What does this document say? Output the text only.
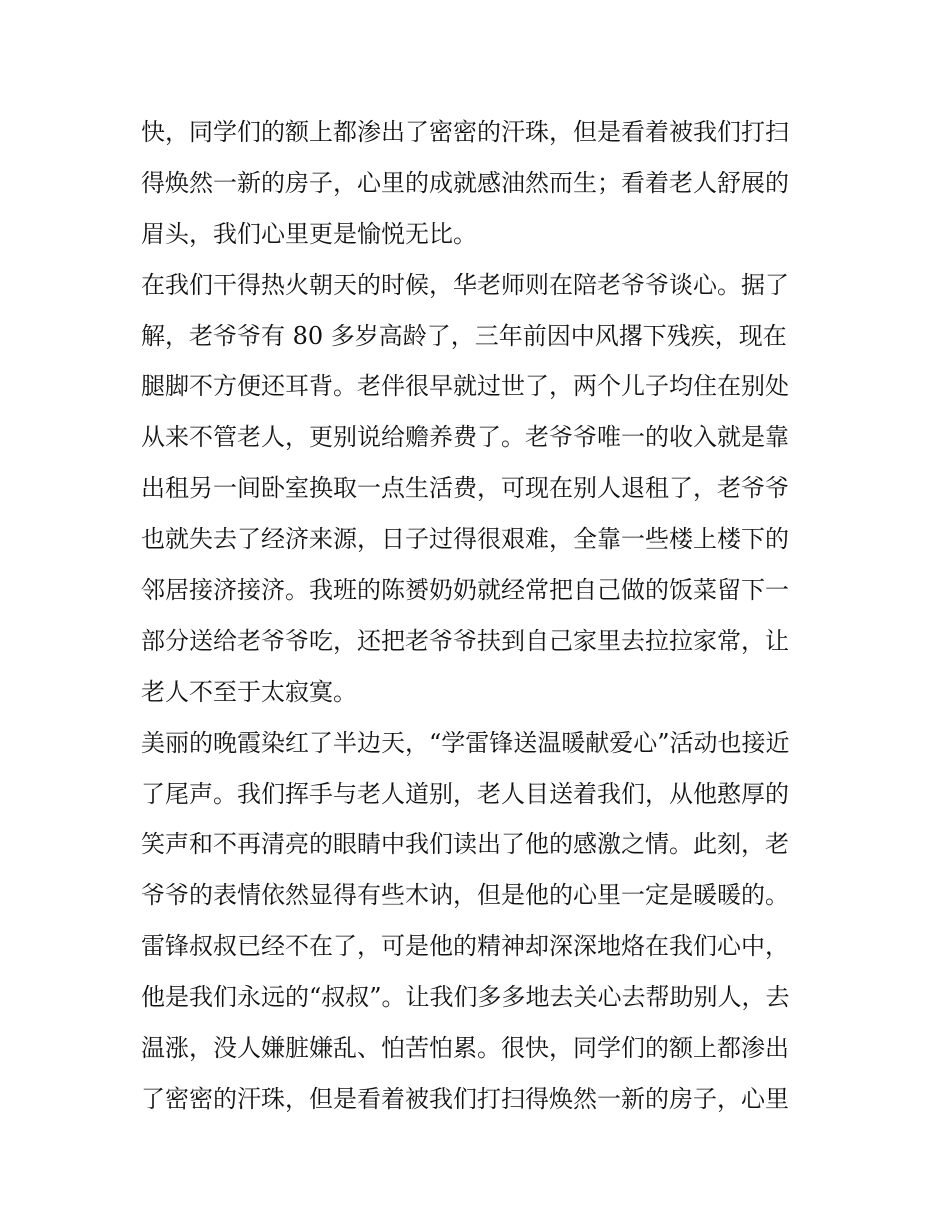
快，同学们的额上都渗出了密密的汗珠，但是看着被我们打扫
得焕然一新的房子，心里的成就感油然而生；看着老人舒展的
眉头，我们心里更是愉悦无比。
在我们干得热火朝天的时候，华老师则在陪老爷爷谈心。据了
解，老爷爷有 80 多岁高龄了，三年前因中风撂下残疾，现在
腿脚不方便还耳背。老伴很早就过世了，两个儿子均住在别处
从来不管老人，更别说给赡养费了。老爷爷唯一的收入就是靠
出租另一间卧室换取一点生活费，可现在别人退租了，老爷爷
也就失去了经济来源，日子过得很艰难，全靠一些楼上楼下的
邻居接济接济。我班的陈赟奶奶就经常把自己做的饭菜留下一
部分送给老爷爷吃，还把老爷爷扶到自己家里去拉拉家常，让
老人不至于太寂寞。
美丽的晚霞染红了半边天，“学雷锋送温暖献爱心”活动也接近
了尾声。我们挥手与老人道别，老人目送着我们，从他憨厚的
笑声和不再清亮的眼睛中我们读出了他的感激之情。此刻，老
爷爷的表情依然显得有些木讷，但是他的心里一定是暖暖的。
雷锋叔叔已经不在了，可是他的精神却深深地烙在我们心中，
他是我们永远的“叔叔”。让我们多多地去关心去帮助别人，去
温涨，没人嫌脏嫌乱、怕苦怕累。很快，同学们的额上都渗出
了密密的汗珠，但是看着被我们打扫得焕然一新的房子，心里
